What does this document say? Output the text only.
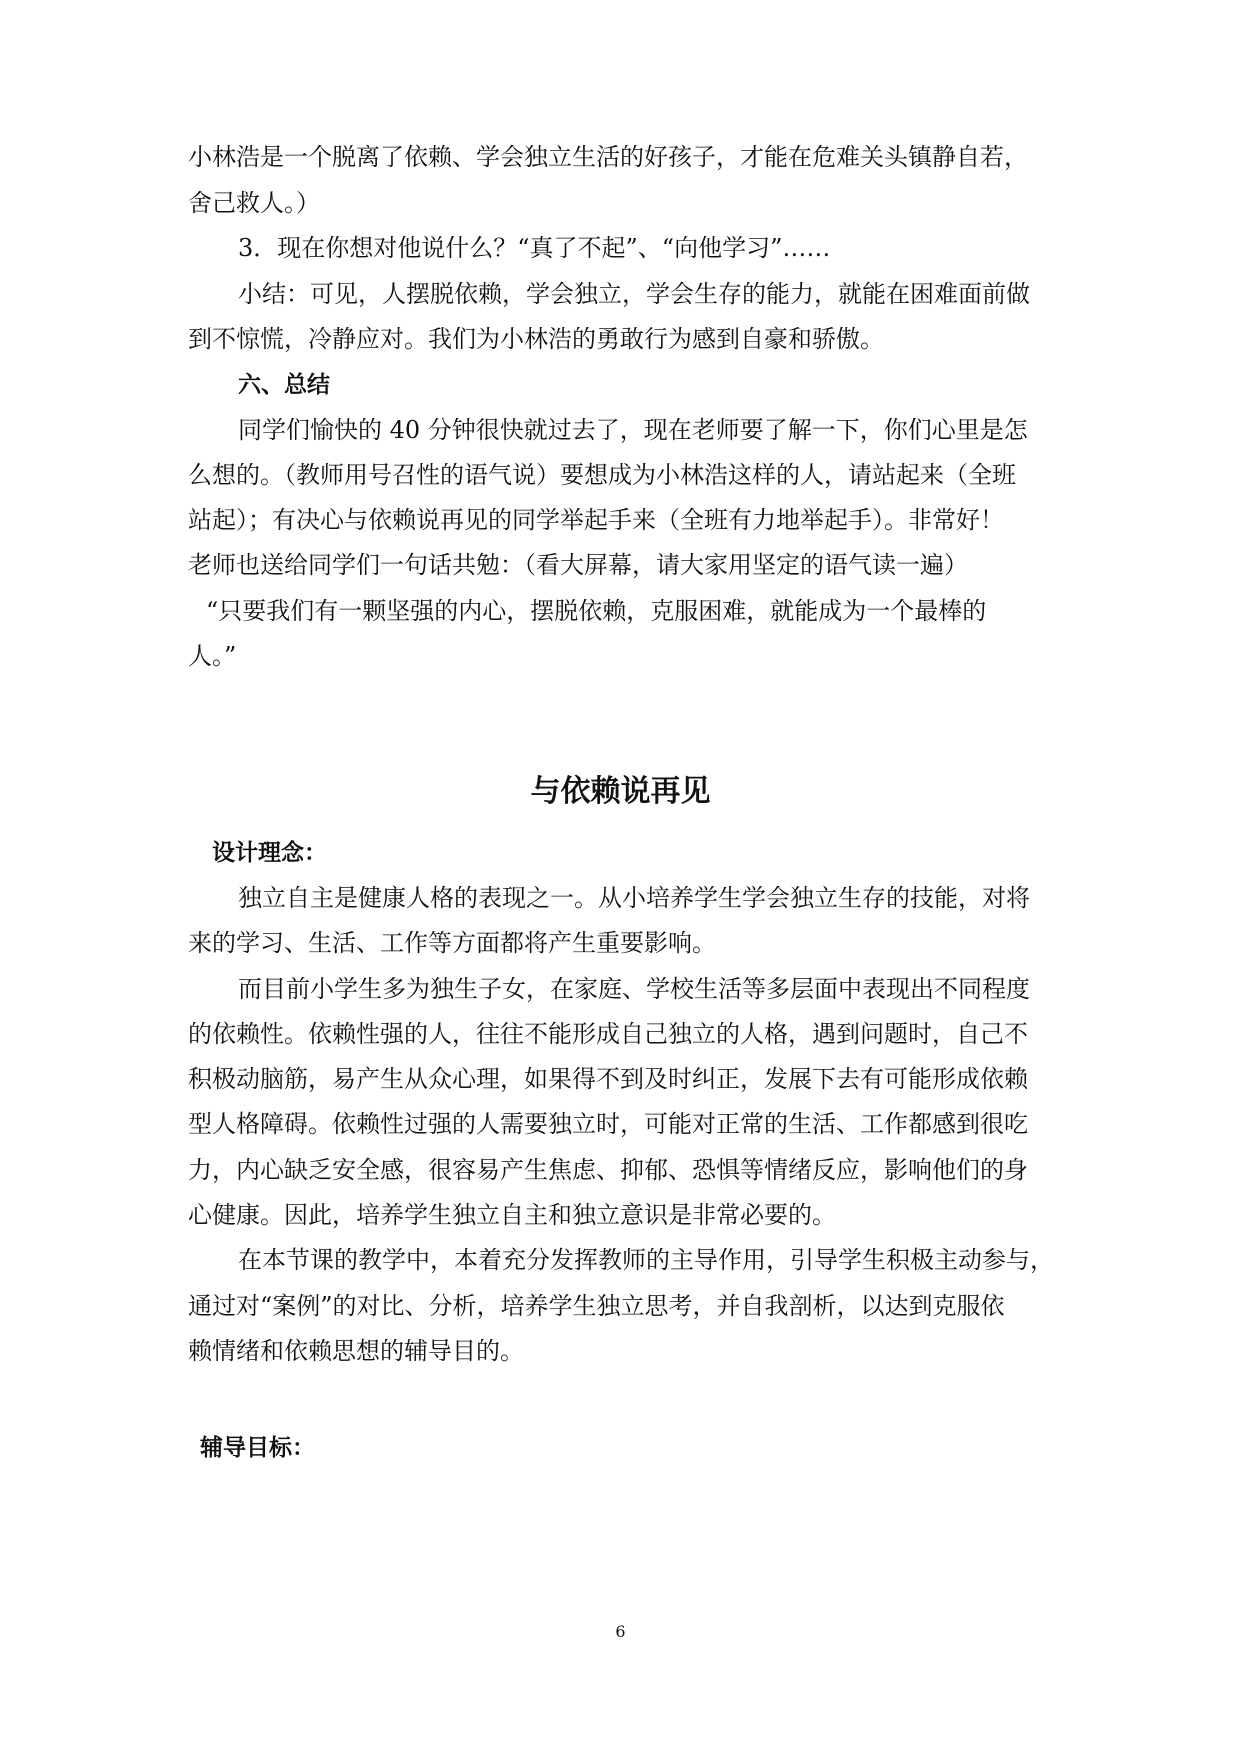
小林浩是一个脱离了依赖、学会独立生活的好孩子，才能在危难关头镇静自若，
舍己救人。）
3．现在你想对他说什么？“真了不起”、“向他学习”……
小结：可见，人摆脱依赖，学会独立，学会生存的能力，就能在困难面前做
到不惊慌，冷静应对。我们为小林浩的勇敢行为感到自豪和骄傲。
六、总结
同学们愉快的 40 分钟很快就过去了，现在老师要了解一下，你们心里是怎
么想的。（教师用号召性的语气说）要想成为小林浩这样的人，请站起来（全班
站起）；有决心与依赖说再见的同学举起手来（全班有力地举起手）。非常好！
老师也送给同学们一句话共勉：（看大屏幕，请大家用坚定的语气读一遍）
“只要我们有一颗坚强的内心，摆脱依赖，克服困难，就能成为一个最棒的
人。”
与依赖说再见
设计理念：
独立自主是健康人格的表现之一。从小培养学生学会独立生存的技能，对将
来的学习、生活、工作等方面都将产生重要影响。
而目前小学生多为独生子女，在家庭、学校生活等多层面中表现出不同程度
的依赖性。依赖性强的人，往往不能形成自己独立的人格，遇到问题时，自己不
积极动脑筋，易产生从众心理，如果得不到及时纠正，发展下去有可能形成依赖
型人格障碍。依赖性过强的人需要独立时，可能对正常的生活、工作都感到很吃
力，内心缺乏安全感，很容易产生焦虑、抑郁、恐惧等情绪反应，影响他们的身
心健康。因此，培养学生独立自主和独立意识是非常必要的。
在本节课的教学中，本着充分发挥教师的主导作用，引导学生积极主动参与，
通过对“案例”的对比、分析，培养学生独立思考，并自我剖析，以达到克服依
赖情绪和依赖思想的辅导目的。
辅导目标：
6
